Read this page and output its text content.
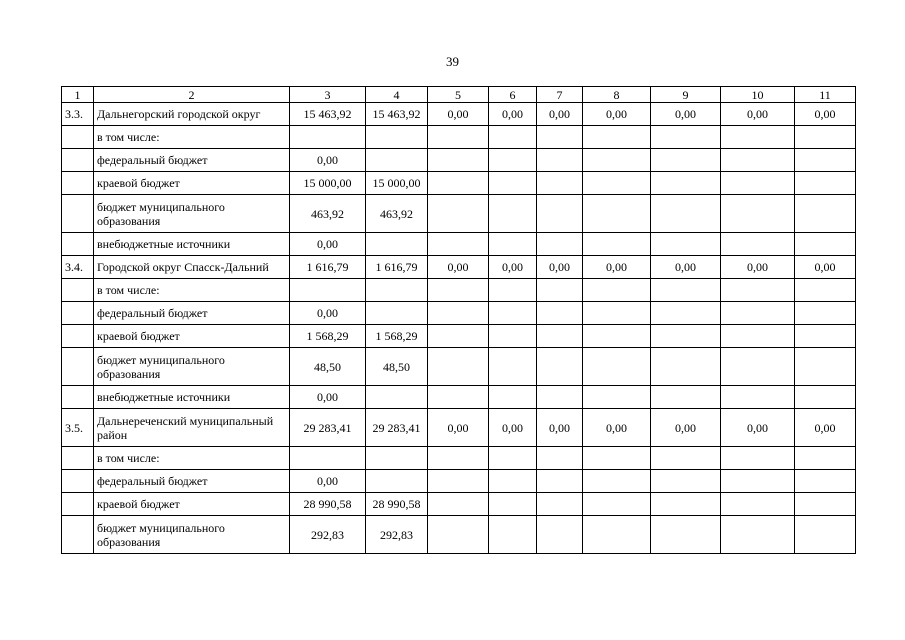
39
1	2	3	4	5	6	7	8	9	10	11
3.3.	Дальнегорский городской округ	15 463,92	15 463,92	0,00	0,00	0,00	0,00	0,00	0,00	0,00
	в том числе:									
	федеральный бюджет	0,00								
	краевой бюджет	15 000,00	15 000,00							
	бюджет муниципального образования	463,92	463,92							
	внебюджетные источники	0,00								
3.4.	Городской округ Спасск-Дальний	1 616,79	1 616,79	0,00	0,00	0,00	0,00	0,00	0,00	0,00
	в том числе:									
	федеральный бюджет	0,00								
	краевой бюджет	1 568,29	1 568,29							
	бюджет муниципального образования	48,50	48,50							
	внебюджетные источники	0,00								
3.5.	Дальнереченский муниципальный район	29 283,41	29 283,41	0,00	0,00	0,00	0,00	0,00	0,00	0,00
	в том числе:									
	федеральный бюджет	0,00								
	краевой бюджет	28 990,58	28 990,58							
	бюджет муниципального образования	292,83	292,83							
